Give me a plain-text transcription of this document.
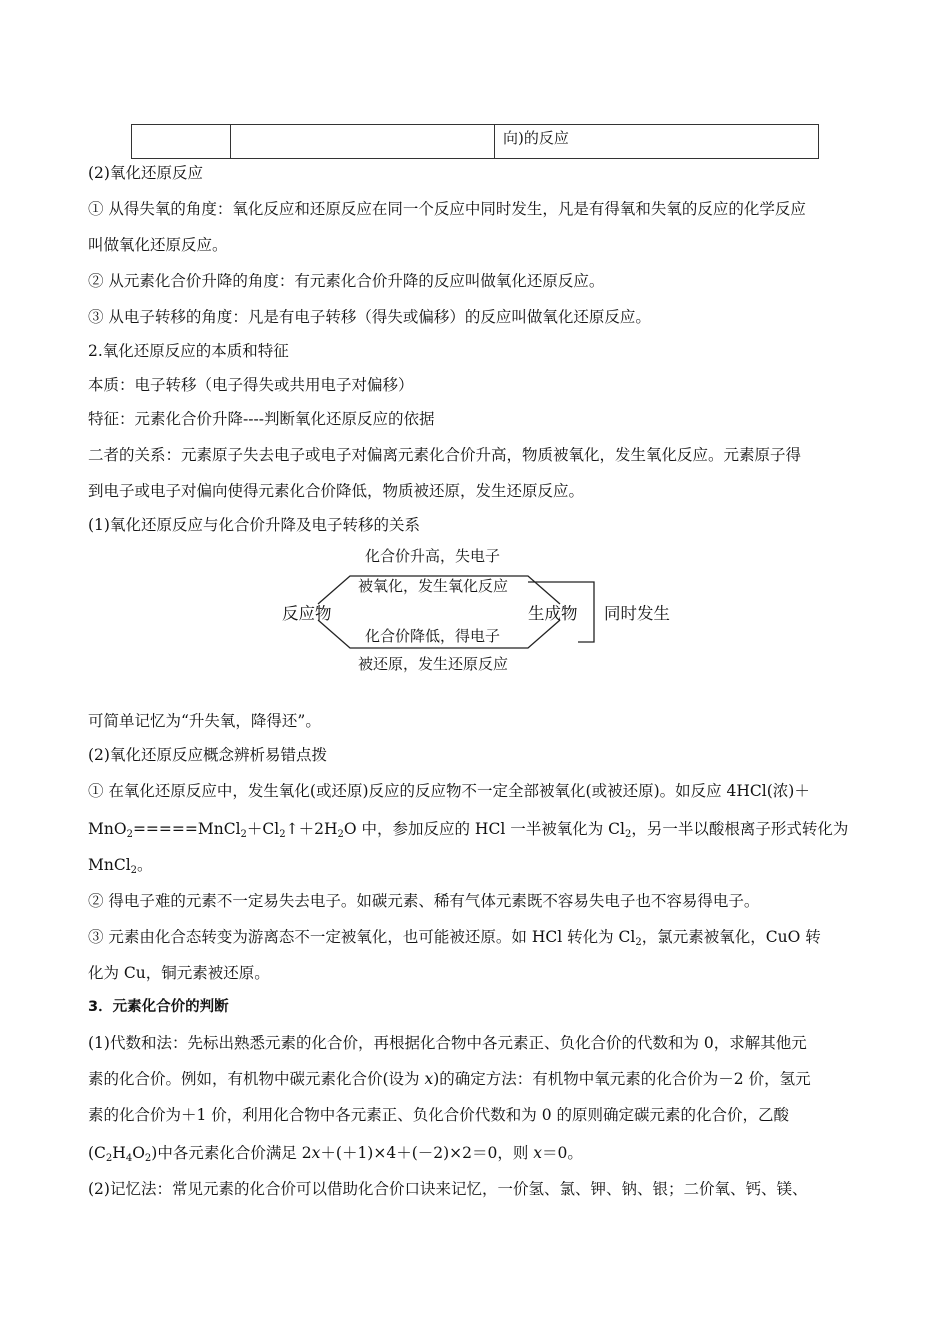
		向)的反应
(2)氧化还原反应
① 从得失氧的角度：氧化反应和还原反应在同一个反应中同时发生，凡是有得氧和失氧的反应的化学反应
叫做氧化还原反应。
② 从元素化合价升降的角度：有元素化合价升降的反应叫做氧化还原反应。
③ 从电子转移的角度：凡是有电子转移（得失或偏移）的反应叫做氧化还原反应。
2.氧化还原反应的本质和特征
本质：电子转移（电子得失或共用电子对偏移）
特征：元素化合价升降----判断氧化还原反应的依据
二者的关系：元素原子失去电子或电子对偏离元素化合价升高，物质被氧化，发生氧化反应。元素原子得
到电子或电子对偏向使得元素化合价降低，物质被还原，发生还原反应。
(1)氧化还原反应与化合价升降及电子转移的关系
化合价升高，失电子
被氧化，发生氧化反应
反应物	生成物 同时发生
化合价降低，得电子
被还原，发生还原反应
可简单记忆为“升失氧，降得还”。
(2)氧化还原反应概念辨析易错点拨
① 在氧化还原反应中，发生氧化(或还原)反应的反应物不一定全部被氧化(或被还原)。如反应 4HCl(浓)＋
$MnO_2=====MnCl_2+Cl_2↑+2H_2O$ 中，参加反应的 HCl 一半被氧化为 $Cl_2$，另一半以酸根离子形式转化为
MnCl$_2$。
② 得电子难的元素不一定易失去电子。如碳元素、稀有气体元素既不容易失电子也不容易得电子。
③ 元素由化合态转变为游离态不一定被氧化，也可能被还原。如 HCl 转化为 $Cl_2$，氯元素被氧化，CuO 转
化为 Cu，铜元素被还原。
3．元素化合价的判断
(1)代数和法：先标出熟悉元素的化合价，再根据化合物中各元素正、负化合价的代数和为 0，求解其他元
素的化合价。例如，有机物中碳元素化合价(设为 x)的确定方法：有机物中氧元素的化合价为－2 价，氢元
素的化合价为＋1 价，利用化合物中各元素正、负化合价代数和为 0 的原则确定碳元素的化合价，乙酸
$(C_2H_4O_2)$中各元素化合价满足 2x＋(＋1)×4＋(－2)×2＝0，则 x＝0。
(2)记忆法：常见元素的化合价可以借助化合价口诀来记忆，一价氢、氯、钾、钠、银；二价氧、钙、镁、
